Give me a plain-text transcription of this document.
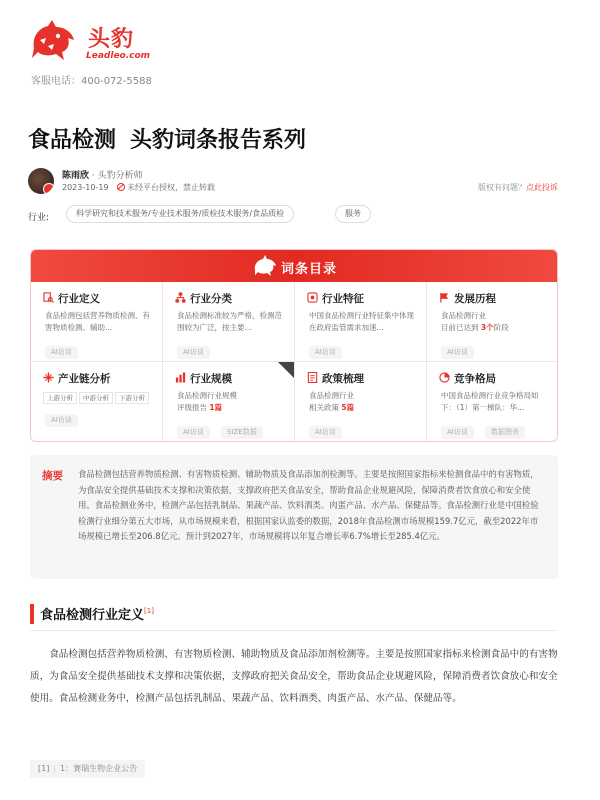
头豹
Leadleo.com
客服电话：400-072-5588
食品检测 头豹词条报告系列
陈雨欣 · 头豹分析师
2023-10-19 未经平台授权，禁止转载	版权有问题？点此投诉
行业:	科学研究和技术服务/专业技术服务/质检技术服务/食品质检	服务
词条目录
行业定义
食品检测包括营养物质检测、有害物质检测、辅助...
AI访谈
行业分类
食品检测标准较为严格，检测范围较为广泛，按主要...
AI访谈
行业特征
中国食品检测行业特征集中体现在政府监管需求加速...
AI访谈
发展历程
食品检测行业
目前已达到 3个阶段
AI访谈
产业链分析
上游分析	中游分析	下游分析
AI访谈
行业规模
食品检测行业规模
评级报告 1篇
AI访谈	SIZE数据
政策梳理
食品检测行业
相关政策 5篇
AI访谈
竞争格局
中国食品检测行业竞争格局如下：（1）第一梯队：华...
AI访谈	数据图表
摘要 食品检测包括营养物质检测、有害物质检测、辅助物质及食品添加剂检测等。主要是按照国家指标来检测食品中的有害物质，为食品安全提供基础技术支撑和决策依据，支撑政府把关食品安全，帮助食品企业规避风险，保障消费者饮食放心和安全使用。食品检测业务中，检测产品包括乳制品、果蔬产品、饮料酒类、肉蛋产品、水产品、保健品等。食品检测行业是中国检验检测行业细分第五大市场，从市场规模来看，根据国家认监委的数据，2018年食品检测市场规模159.7亿元，截至2022年市场规模已增长至206.8亿元。预计到2027年，市场规模将以年复合增长率6.7%增长至285.4亿元。
食品检测行业定义[1]
食品检测包括营养物质检测、有害物质检测、辅助物质及食品添加剂检测等。主要是按照国家指标来检测食品中的有害物质，为食品安全提供基础技术支撑和决策依据，支撑政府把关食品安全，帮助食品企业规避风险，保障消费者饮食放心和安全使用。食品检测业务中，检测产品包括乳制品、果蔬产品、饮料酒类、肉蛋产品、水产品、保健品等。
[1] | 1：赛瑞生物企业公告
